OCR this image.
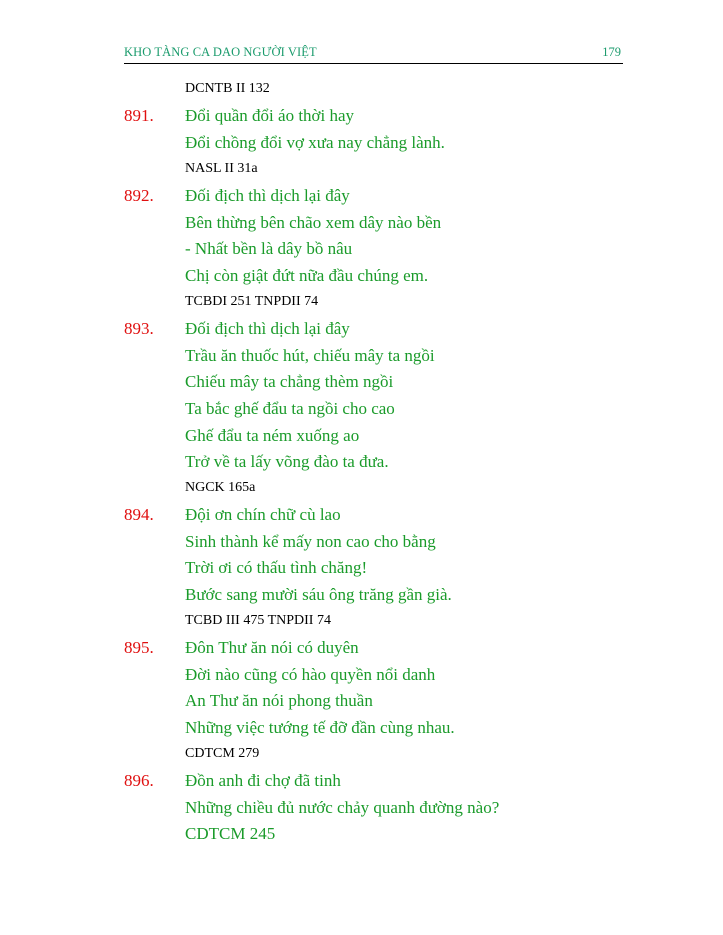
KHO TÀNG CA DAO NGƯỜI VIỆT	179
DCNTB II 132
891. Đổi quần đổi áo thời hay
Đổi chồng đổi vợ xưa nay chẳng lành.
NASL II 31a
892. Đối địch thì dịch lại đây
Bên thừng bên chão xem dây nào bền
- Nhất bền là dây bồ nâu
Chị còn giật đứt nữa đầu chúng em.
TCBDI 251 TNPDII 74
893. Đối địch thì dịch lại đây
Trầu ăn thuốc hút, chiếu mây ta ngồi
Chiếu mây ta chẳng thèm ngồi
Ta bắc ghế đẩu ta ngồi cho cao
Ghế đẩu ta ném xuống ao
Trở về ta lấy võng đào ta đưa.
NGCK 165a
894. Đội ơn chín chữ cù lao
Sinh thành kể mấy non cao cho bằng
Trời ơi có thấu tình chăng!
Bước sang mười sáu ông trăng gần già.
TCBD III 475 TNPDII 74
895. Đôn Thư ăn nói có duyên
Đời nào cũng có hào quyền nổi danh
An Thư ăn nói phong thuần
Những việc tướng tế đỡ đần cùng nhau.
CDTCM 279
896. Đồn anh đi chợ đã tinh
Những chiều đủ nước chảy quanh đường nào?
CDTCM 245
